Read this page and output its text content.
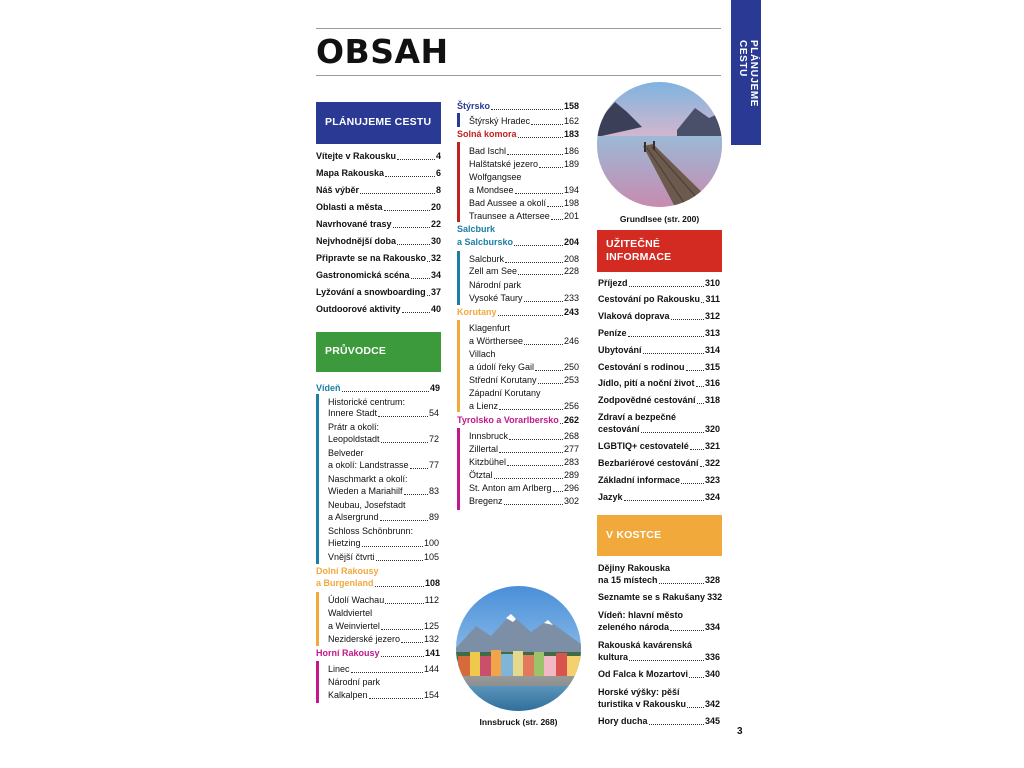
OBSAH	PLÁNUJEME CESTU
PLÁNUJEME CESTU
Vítejte v Rakousku	4
Mapa Rakouska	6
Náš výběr	8
Oblasti a města	20
Navrhované trasy	22
Nejvhodnější doba	30
Připravte se na Rakousko 32
Gastronomická scéna 34
Lyžování a snowboarding 37
Outdoorové aktivity	40
PRŮVODCE
Vídeň	49
Historické centrum:
Innere Stadt	54
Prátr a okolí:
Leopoldstadt	72
Belveder
a okolí: Landstrasse 77
Naschmarkt a okolí:
Wieden a Mariahilf	83
Neubau, Josefstadt
a Alsergrund	89
Schloss Schönbrunn:
Hietzing	100
Vnější čtvrti	105
Dolní Rakousy
a Burgenland	108
Údolí Wachau	112
Waldviertel
a Weinviertel	125
Neziderské jezero	132
Horní Rakousy	141
Linec	144
Národní park
Kalkalpen	154
Štýrsko	158
Štýrský Hradec	162
Solná komora	183
Bad Ischl	186
Halštatské jezero	189
Wolfgangsee
a Mondsee	194
Bad Aussee a okolí 198
Traunsee a Attersee 201
Salcburk
a Salcbursko	204
Salcburk	208
Zell am See	228
Národní park
Vysoké Taury	233
Korutany	243
Klagenfurt
a Wörthersee	246
Villach
a údolí řeky Gail	250
Střední Korutany	253
Západní Korutany
a Lienz	256
Tyrolsko a Vorarlbersko 262
Innsbruck	268
Zillertal	277
Kitzbühel	283
Ötztal	289
St. Anton am Arlberg 296
Bregenz	302
Innsbruck (str. 268)
Grundlsee (str. 200)
UŽITEČNÉ
INFORMACE
Příjezd	310
Cestování po Rakousku 311
Vlaková doprava	312
Peníze	313
Ubytování	314
Cestování s rodinou 315
Jídlo, pití a noční život 316
Zodpovědné cestování 318
Zdraví a bezpečné
cestování	320
LGBTIQ+ cestovatelé 321
Bezbariérové cestování 322
Základní informace	323
Jazyk	324
V KOSTCE
Dějiny Rakouska
na 15 místech	328
Seznamte se s Rakušany 332
Vídeň: hlavní město
zeleného národa	334
Rakouská kavárenská
kultura	336
Od Falca k Mozartovi 340
Horské výšky: pěší
turistika v Rakousku 342
Hory ducha	345
3
